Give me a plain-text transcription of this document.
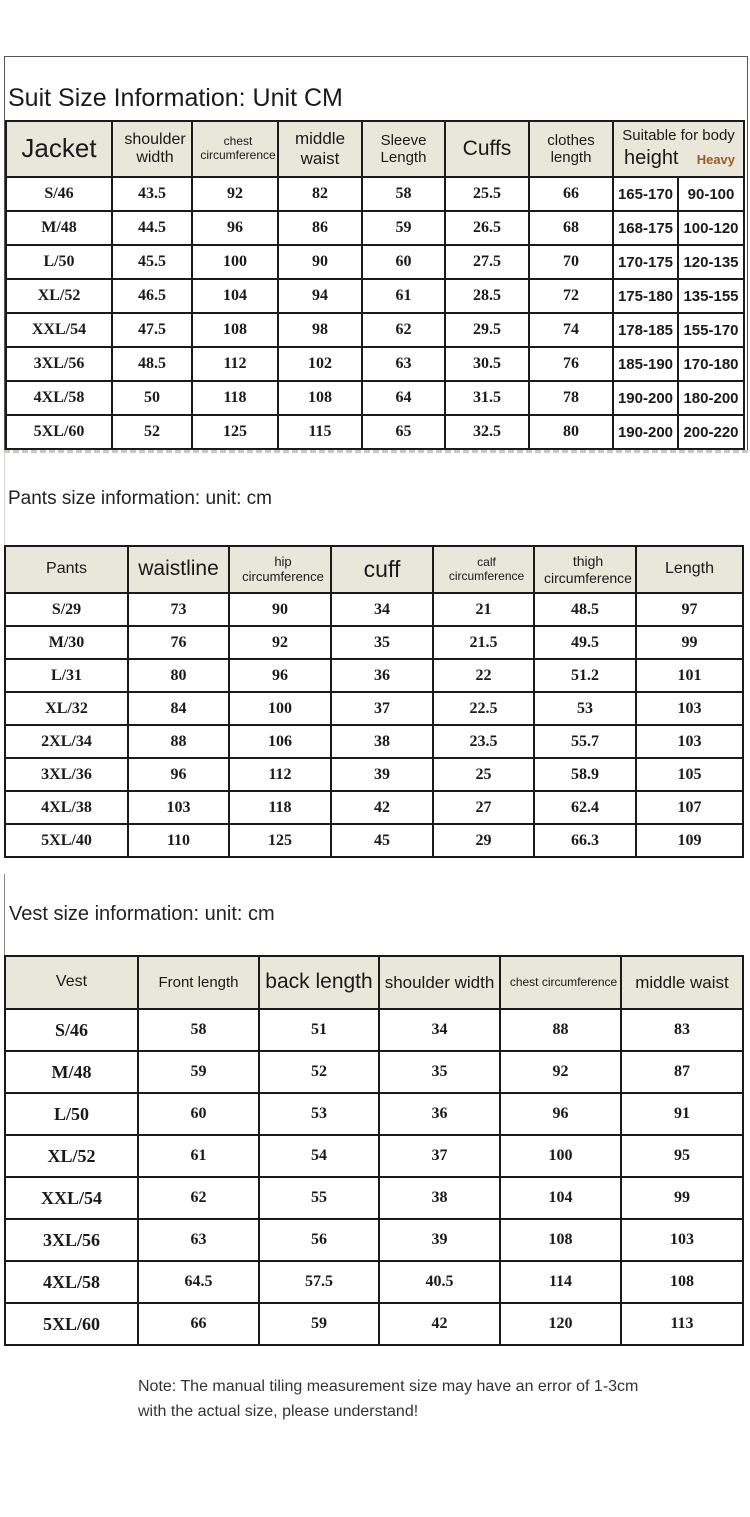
Suit Size Information: Unit CM
Jacket	shoulder width	chest circumference	middle waist	Sleeve Length	Cuffs	clothes length	Suitable for body
height Heavy	

S/46	43.5	92	82	58	25.5	66	165-170	90-100
M/48	44.5	96	86	59	26.5	68	168-175	100-120
L/50	45.5	100	90	60	27.5	70	170-175	120-135
XL/52	46.5	104	94	61	28.5	72	175-180	135-155
XXL/54	47.5	108	98	62	29.5	74	178-185	155-170
3XL/56	48.5	112	102	63	30.5	76	185-190	170-180
4XL/58	50	118	108	64	31.5	78	190-200	180-200
5XL/60	52	125	115	65	32.5	80	190-200	200-220
Pants size information: unit: cm
Pants	waistline	hip circumference	cuff	calf circumference	thigh circumference	Length
S/29	73	90	34	21	48.5	97
M/30	76	92	35	21.5	49.5	99
L/31	80	96	36	22	51.2	101
XL/32	84	100	37	22.5	53	103
2XL/34	88	106	38	23.5	55.7	103
3XL/36	96	112	39	25	58.9	105
4XL/38	103	118	42	27	62.4	107
5XL/40	110	125	45	29	66.3	109
Vest size information: unit: cm
Vest	Front length	back length	shoulder width	chest circumference	middle waist
S/46	58	51	34	88	83
M/48	59	52	35	92	87
L/50	60	53	36	96	91
XL/52	61	54	37	100	95
XXL/54	62	55	38	104	99
3XL/56	63	56	39	108	103
4XL/58	64.5	57.5	40.5	114	108
5XL/60	66	59	42	120	113
Note: The manual tiling measurement size may have an error of 1-3cm
with the actual size, please understand!
